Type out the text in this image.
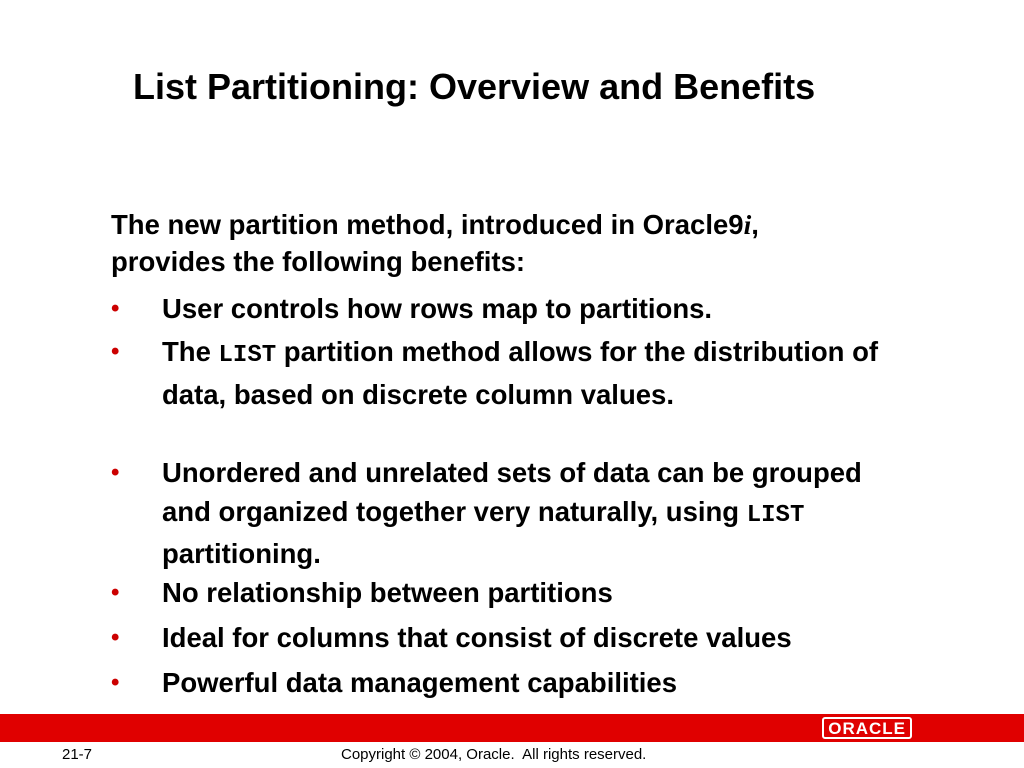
List Partitioning: Overview and Benefits

The new partition method, introduced in Oracle9i,
provides the following benefits:

•	User controls how rows map to partitions.
•	The LIST partition method allows for the distribution of data, based on discrete column values.
•	Unordered and unrelated sets of data can be grouped and organized together very naturally, using LIST partitioning.
•	No relationship between partitions
•	Ideal for columns that consist of discrete values
•	Powerful data management capabilities
ORACLE
21-7	Copyright © 2004, Oracle.  All rights reserved.
